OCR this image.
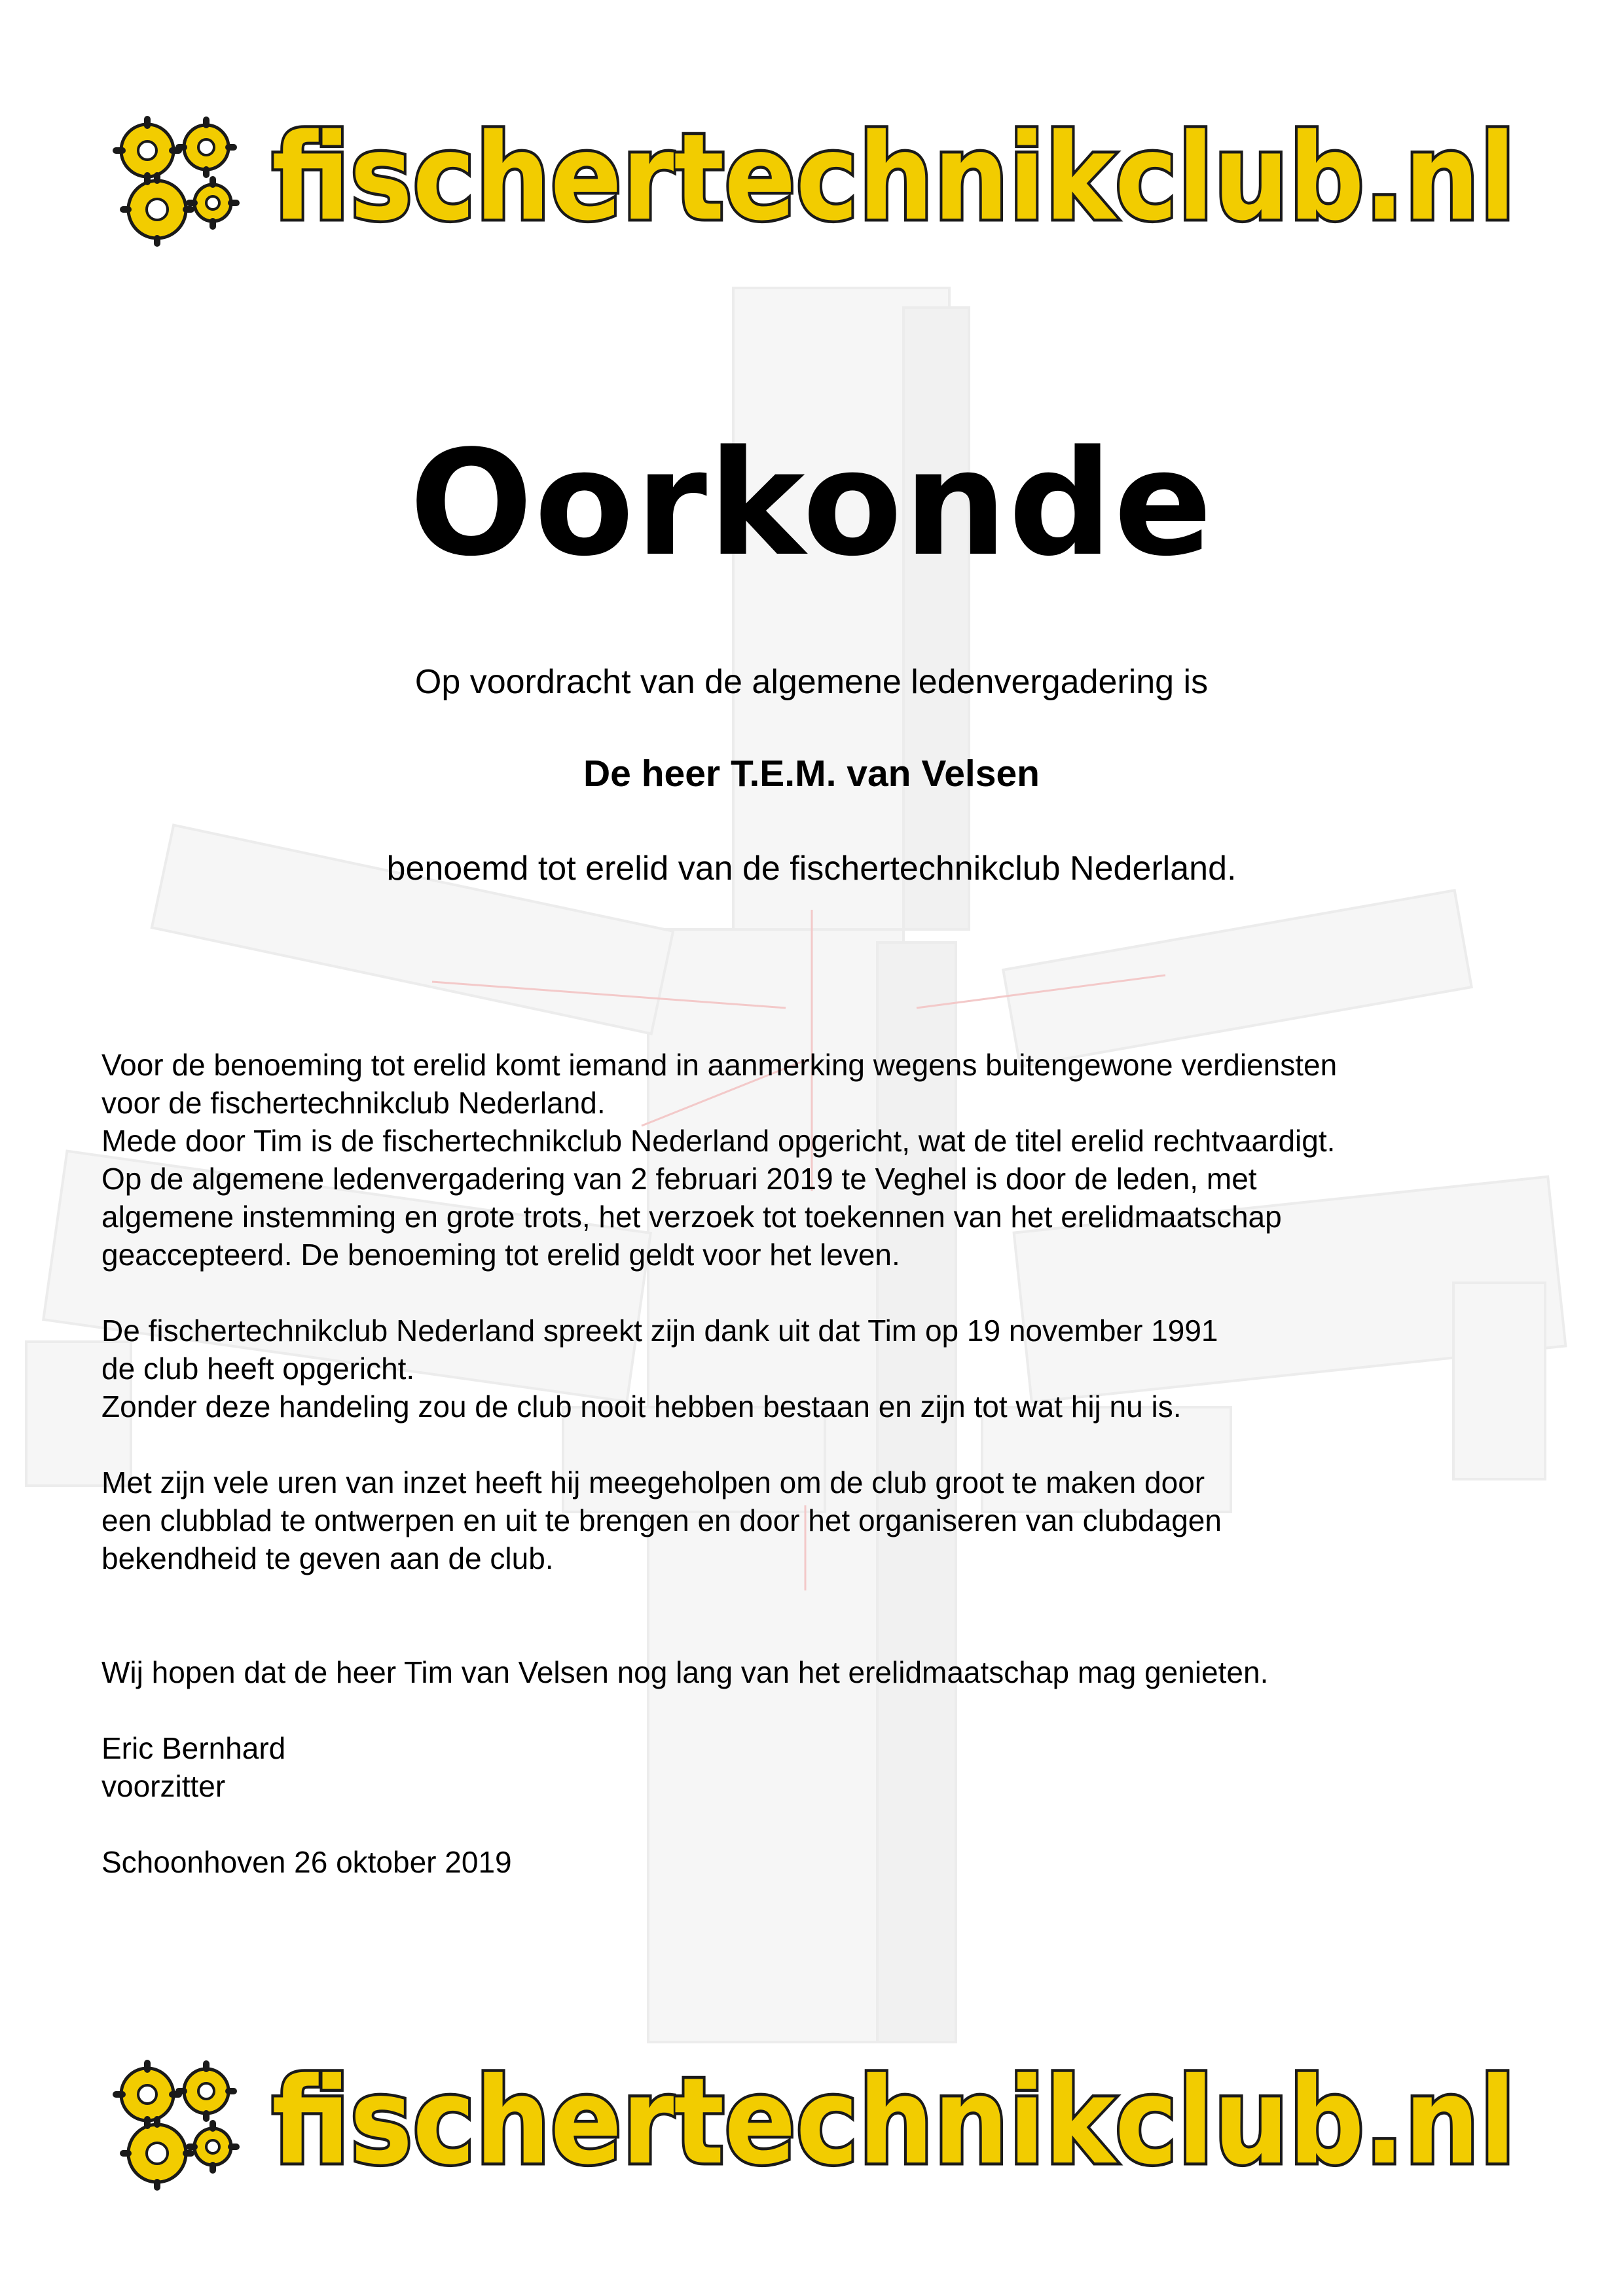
fischertechnikclub.nl
Oorkonde
Op voordracht van de algemene ledenvergadering is
De heer T.E.M. van Velsen
benoemd tot erelid van de fischertechnikclub Nederland.

Voor de benoeming tot erelid komt iemand in aanmerking wegens buitengewone verdiensten

voor de fischertechnikclub Nederland.

Mede door Tim is de fischertechnikclub Nederland opgericht, wat de titel erelid rechtvaardigt.

Op de algemene ledenvergadering van 2 februari 2019 te Veghel is door de leden, met

algemene instemming en grote trots, het verzoek tot toekennen van het erelidmaatschap

geaccepteerd. De benoeming tot erelid geldt voor het leven.

De fischertechnikclub Nederland spreekt zijn dank uit dat Tim op 19 november 1991

de club heeft opgericht.

Zonder deze handeling zou de club nooit hebben bestaan en zijn tot wat hij nu is.

Met zijn vele uren van inzet heeft hij meegeholpen om de club groot te maken door

een clubblad te ontwerpen en uit te brengen en door het organiseren van clubdagen

bekendheid te geven aan de club.

Wij hopen dat de heer Tim van Velsen nog lang van het erelidmaatschap mag genieten.

Eric Bernhard

voorzitter

Schoonhoven 26 oktober 2019

fischertechnikclub.nl
